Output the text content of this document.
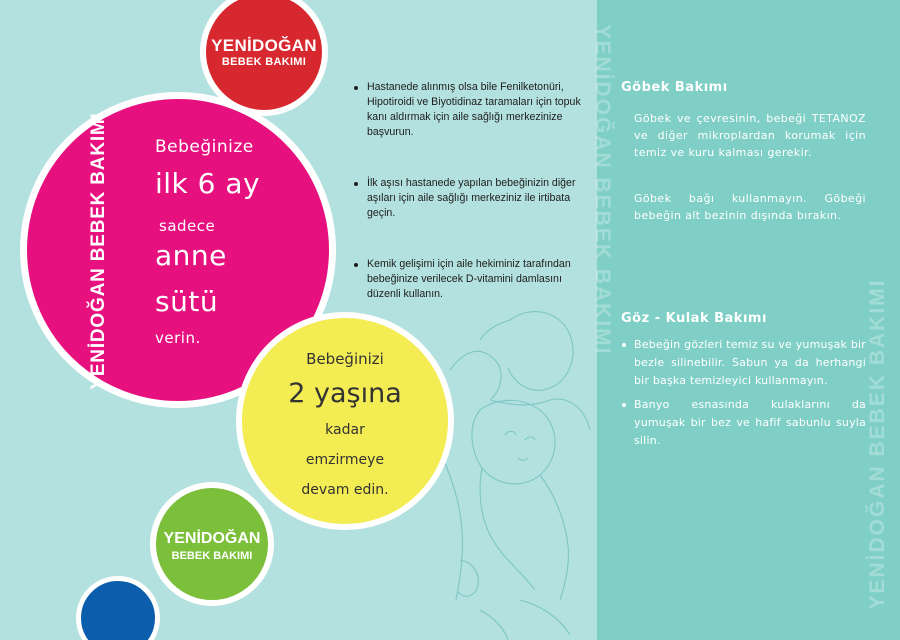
YENİDOĞAN
BEBEK BAKIMI
YENİDOĞAN BEBEK BAKIMI	Bebeğinize
ilk 6 ay
sadece
anne
sütü
verin.
Bebeğinizi
2 yaşına
kadar
emzirmeye
devam edin.
YENİDOĞAN
BEBEK BAKIMI
Hastanede alınmış olsa bile Fenilketonüri, Hipotiroidi ve Biyotidinaz taramaları için topuk kanı aldırmak için aile sağlığı merkezinize başvurun.
İlk aşısı hastanede yapılan bebeğinizin diğer aşıları için aile sağlığı merkeziniz ile irtibata geçin.
Kemik gelişimi için aile hekiminiz tarafından bebeğinize verilecek D-vitamini damlasını düzenli kullanın.	YENİDOĞAN BEBEK BAKIMI
YENİDOĞAN BEBEK BAKIMI
Göbek Bakımı

Göbek ve çevresinin, bebeği TETANOZ ve diğer mikroplardan korumak için temiz ve kuru kalması gerekir.

Göbek bağı kullanmayın. Göbeği bebeğin alt bezinin dışında bırakın.

Göz - Kulak Bakımı
Bebeğin gözleri temiz su ve yumuşak bir bezle silinebilir. Sabun ya da herhangi bir başka temizleyici kullanmayın.
Banyo esnasında kulaklarını da yumuşak bir bez ve hafif sabunlu suyla silin.
